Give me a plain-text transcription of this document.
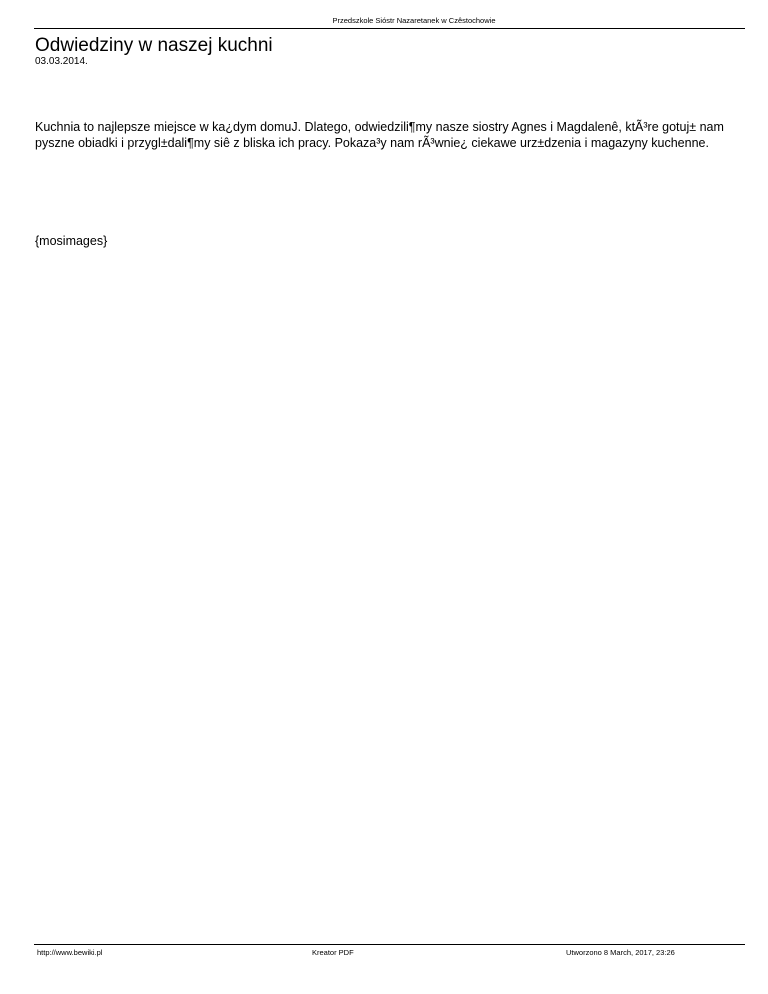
Przedszkole Sióstr Nazaretanek w Czêstochowie
Odwiedziny w naszej kuchni
03.03.2014.
Kuchnia to najlepsze miejsce w ka¿dym domuJ. Dlatego, odwiedzili¶my nasze siostry Agnes i Magdalenê, ktÃ³re gotuj± nam pyszne obiadki i przygl±dali¶my siê z bliska ich pracy. Pokaza³y nam rÃ³wnie¿ ciekawe urz±dzenia i magazyny kuchenne.
{mosimages}
http://www.bewiki.pl	Kreator PDF	Utworzono 8 March, 2017, 23:26
